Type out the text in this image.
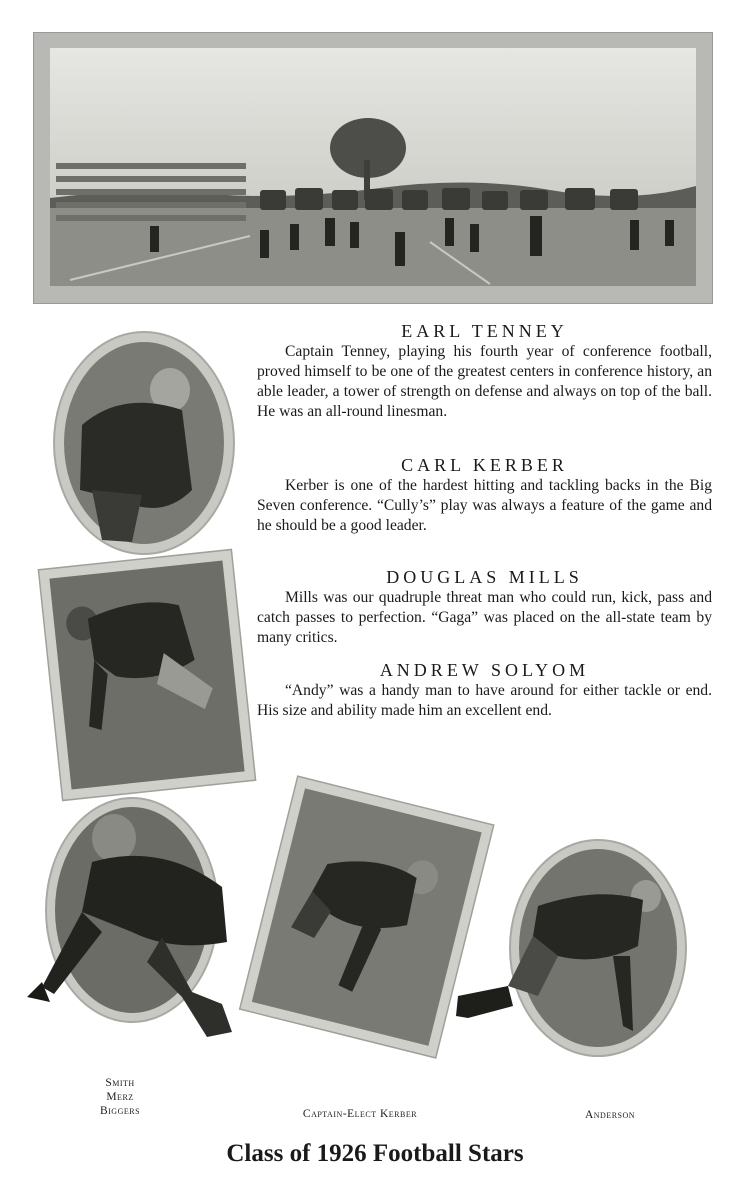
EARL TENNEY

Captain Tenney, playing his fourth year of conference football, proved himself to be one of the greatest centers in conference history, an able leader, a tower of strength on defense and always on top of the ball. He was an all-round linesman.

CARL KERBER

Kerber is one of the hardest hitting and tackling backs in the Big Seven conference. “Cully’s” play was always a feature of the game and he should be a good leader.

DOUGLAS MILLS

Mills was our quadruple threat man who could run, kick, pass and catch passes to perfection. “Gaga” was placed on the all-state team by many critics.

ANDREW SOLYOM

“Andy” was a handy man to have around for either tackle or end. His size and ability made him an excellent end.

Smith
Merz
Biggers	Captain-Elect Kerber	Anderson
Class of 1926 Football Stars
